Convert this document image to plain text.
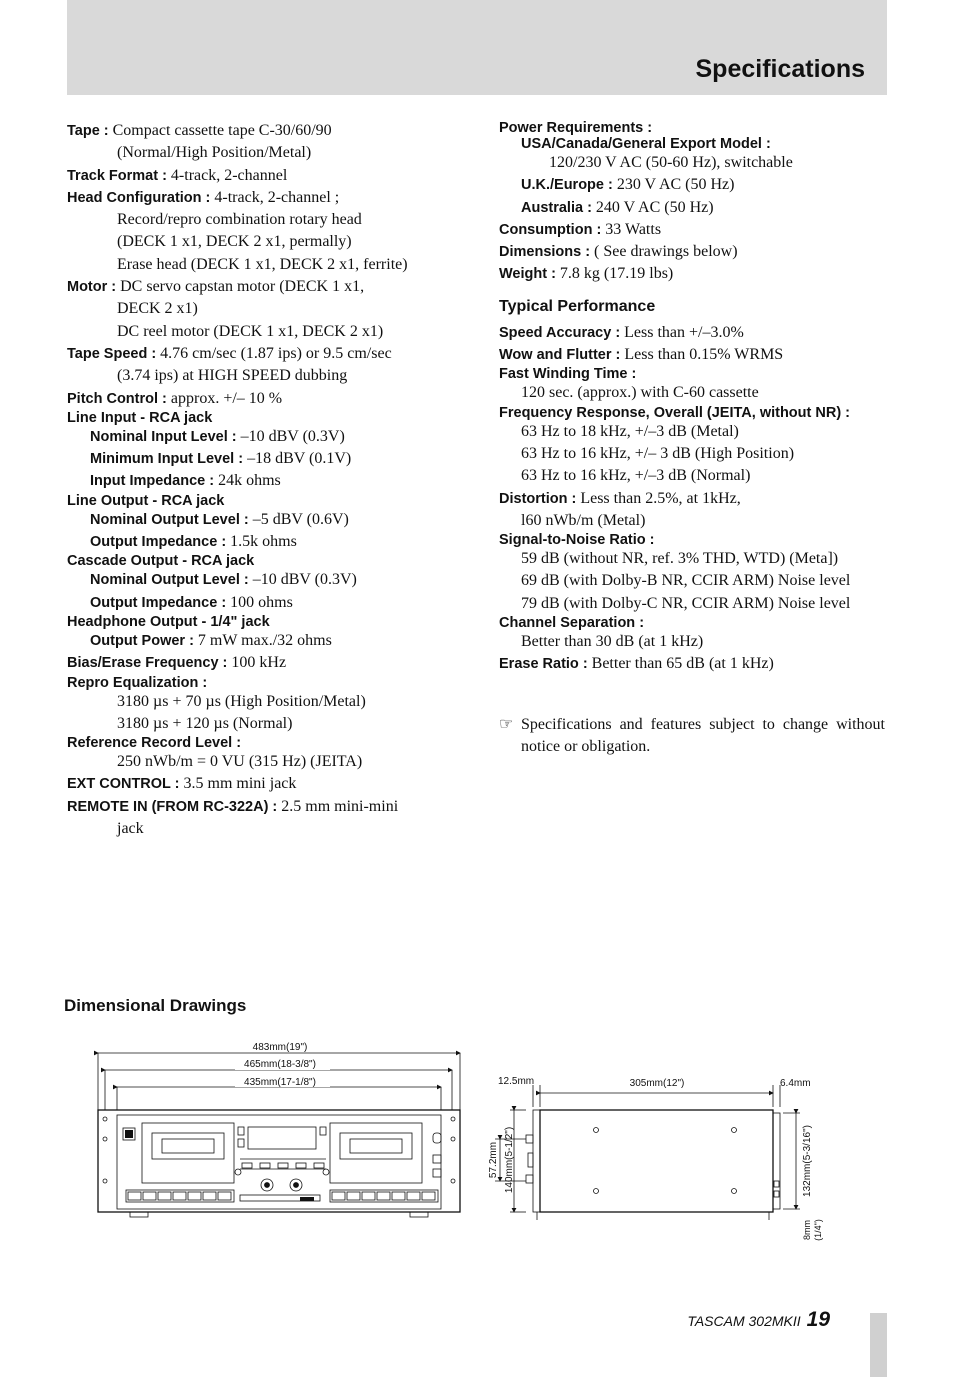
Specifications
Tape : Compact cassette tape C-30/60/90
(Normal/High Position/Metal)
Track Format : 4-track, 2-channel
Head Configuration : 4-track, 2-channel ;
Record/repro combination rotary head
(DECK 1 x1, DECK 2 x1, permally)
Erase head (DECK 1 x1, DECK 2 x1, ferrite)
Motor : DC servo capstan motor (DECK 1 x1,
DECK 2 x1)
DC reel motor (DECK 1 x1, DECK 2 x1)
Tape Speed : 4.76 cm/sec (1.87 ips) or 9.5 cm/sec
(3.74 ips) at HIGH SPEED dubbing
Pitch Control : approx. +/– 10 %
Line Input - RCA jack
Nominal Input Level : –10 dBV (0.3V)
Minimum Input Level : –18 dBV (0.1V)
Input Impedance : 24k ohms
Line Output - RCA jack
Nominal Output Level : –5 dBV (0.6V)
Output Impedance : 1.5k ohms
Cascade Output - RCA jack
Nominal Output Level : –10 dBV (0.3V)
Output Impedance : 100 ohms
Headphone Output - 1/4" jack
Output Power : 7 mW max./32 ohms
Bias/Erase Frequency : 100 kHz
Repro Equalization :
3180 µs + 70 µs (High Position/Metal)
3180 µs + 120 µs (Normal)
Reference Record Level :
250 nWb/m = 0 VU (315 Hz) (JEITA)
EXT CONTROL : 3.5 mm mini jack
REMOTE IN (FROM RC-322A) : 2.5 mm mini-mini
jack
Power Requirements :
USA/Canada/General Export Model :
120/230 V AC (50-60 Hz), switchable
U.K./Europe : 230 V AC (50 Hz)
Australia : 240 V AC (50 Hz)
Consumption : 33 Watts
Dimensions : ( See drawings below)
Weight : 7.8 kg (17.19 lbs)
Typical Performance
Speed Accuracy : Less than +/–3.0%
Wow and Flutter : Less than 0.15% WRMS
Fast Winding Time :
120 sec. (approx.) with C-60 cassette
Frequency Response, Overall (JEITA, without NR) :
63 Hz to 18 kHz, +/–3 dB (Metal)
63 Hz to 16 kHz, +/– 3 dB (High Position)
63 Hz to 16 kHz, +/–3 dB (Normal)
Distortion : Less than 2.5%, at 1kHz,
l60 nWb/m (Metal)
Signal-to-Noise Ratio :
59 dB (without NR, ref. 3% THD, WTD) (Meta])
69 dB (with Dolby-B NR, CCIR ARM) Noise level
79 dB (with Dolby-C NR, CCIR ARM) Noise level
Channel Separation :
Better than 30 dB (at 1 kHz)
Erase Ratio : Better than 65 dB (at 1 kHz)
☞ Specifications and features subject to change without notice or obligation.
Dimensional Drawings
483mm(19")
465mm(18-3/8")
435mm(17-1/8")	12.5mm	305mm(12")	6.4mm
57.2mm 140mm(5-1/2")	132mm(5-3/16")
8mm (1/4")
TASCAM 302MKII 19
